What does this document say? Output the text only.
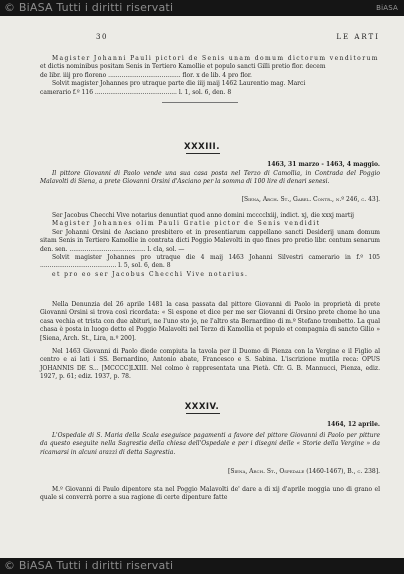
© BiASA Tutti i diritti riservati	BiASA
30	LE ARTI

Magister Johanni Pauli pictori de Senis unam domum dictorum venditorum

et dictis nominibus positam Senis in Tertiero Kamollie et populo sancti Gilli pretio flor. decem

de libr. iiij pro floreno ...................................... flor. x de lib. 4 pro flor.

Solvit magister Johannes pro utraque parte die iiij maij 1462 Laurentio mag. Marci

camerario f.º 116 ........................................... l. 1, sol. 6, den. 8

XXXIII.
1463, 31 marzo - 1463, 4 maggio.

Il pittore Giovanni di Paolo vende una sua casa posta nel Terzo di Camollia, in Contrada del Poggio Malavolti di Siena, a prete Giovanni Orsini d'Asciano per la somma di 100 lire di denari senesi.

[Siena, Arch. St., Gabel. Contr., n.º 246, c. 43].

Ser Jacobus Checchi Vive notarius denuntiat quod anno domini mcccclxiij, indict. xj, die xxxj martij

Magister Johannes olim Pauli Gratie pictor de Senis vendidit

Ser Johanni Orsini de Asciano presbitero et in presentiarum cappellano sancti Desiderij unam domum sitam Senis in Tertiero Kamollie in contrata dicti Poggio Malevolti in quo fines pro pretio libr. centum senarum den. sen. ........................................ l. cla, sol. —

Solvit magister Johannes pro utraque die 4 maij 1463 Johanni Silvestri camerario in f.º 105 ........................................ l. 5, sol. 6, den. 8

et pro eo ser Jacobus Checchi Vive notarius.

Nella Denunzia del 26 aprile 1481 la casa passata dal pittore Giovanni di Paolo in proprietà di prete Giovanni Orsini si trova così ricordata: « Si espone et dice per me ser Giovanni di Orsino prete chome ho una casa vechia et trista con due abituri, ne l'uno sto jo, ne l'altro sta Bernardino di m.º Stefano trombetto. La qual chasa è posta in luogo detto el Poggio Malavolti nel Terzo di Kamollia et populo et compagnia di sancto Gilio » [Siena, Arch. St., Lira, n.º 200].

Nel 1463 Giovanni di Paolo diede compiuta la tavola per il Duomo di Pienza con la Vergine e il Figlio al centro e ai lati i SS. Bernardino, Antonio abate, Francesco e S. Sabina. L'iscrizione mutila reca: OPUS JOHANNIS DE S... [MCCCC]LXIII. Nel colmo è rappresentata una Pietà. Cfr. G. B. Mannucci, Pienza, ediz. 1927, p. 61; ediz. 1937, p. 78.

XXXIV.
1464, 12 aprile.

L'Ospedale di S. Maria della Scala eseguisce pagamenti a favore del pittore Giovanni di Paolo per pitture da questo eseguite nella Sagrestia della chiesa dell'Ospedale e per i disegni delle « Storie della Vergine » da ricamarsi in alcuni arazzi di detta Sagrestia.

[Siena, Arch. St., Ospedale (1460-1467), B., c. 238].

M.º Giovanni di Paulo dipentore sta nel Poggio Malavolti de' dare a di xij d'aprile moggia uno di grano el quale si converrà porre a sua ragione di certe dipenture fatte

© BiASA Tutti i diritti riservati
